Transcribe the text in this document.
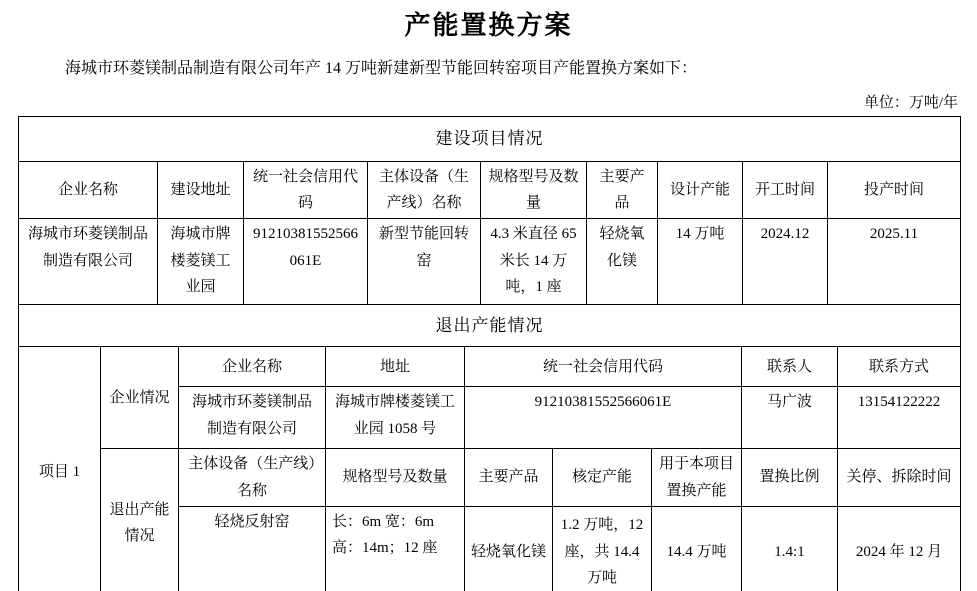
产能置换方案

海城市环菱镁制品制造有限公司年产 14 万吨新建新型节能回转窑项目产能置换方案如下：

单位：万吨/年
建设项目情况								
企业名称	建设地址	统一社会信用代码	主体设备（生产线）名称	规格型号及数量	主要产品	设计产能	开工时间	投产时间
海城市环菱镁制品制造有限公司	海城市牌楼菱镁工业园	91210381552566061E	新型节能回转窑	4.3 米直径 65 米长 14 万吨，1 座	轻烧氧化镁	14 万吨	2024.12	2025.11
退出产能情况								
项目 1	企业情况	企业名称	地址	统一社会信用代码			联系人	联系方式
		海城市环菱镁制品制造有限公司	海城市牌楼菱镁工业园 1058 号	91210381552566061E			马广波	13154122222
	退出产能情况	主体设备（生产线）名称	规格型号及数量	主要产品	核定产能	用于本项目置换产能	置换比例	关停、拆除时间
		轻烧反射窑	长：6m 宽：6m 高：14m；12 座	轻烧氧化镁	1.2 万吨，12 座，共 14.4 万吨	14.4 万吨	1.4:1	2024 年 12 月
